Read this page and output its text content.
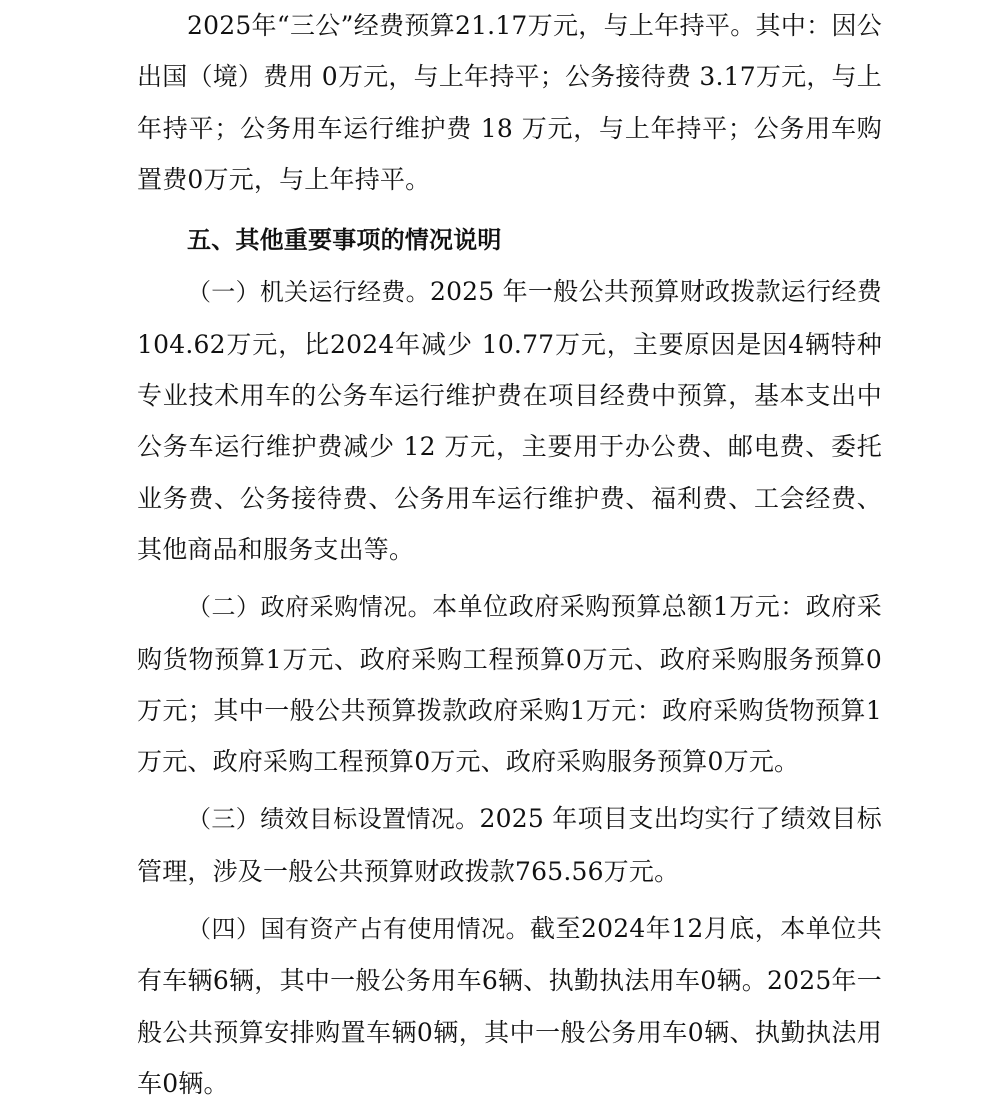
2025年“三公”经费预算21.17万元，与上年持平。其中：因公出国（境）费用 0万元，与上年持平；公务接待费 3.17万元，与上年持平；公务用车运行维护费 18 万元，与上年持平；公务用车购置费0万元，与上年持平。

五、其他重要事项的情况说明

（一）机关运行经费。2025 年一般公共预算财政拨款运行经费 104.62万元，比2024年减少 10.77万元，主要原因是因4辆特种专业技术用车的公务车运行维护费在项目经费中预算，基本支出中公务车运行维护费减少 12 万元，主要用于办公费、邮电费、委托业务费、公务接待费、公务用车运行维护费、福利费、工会经费、其他商品和服务支出等。

（二）政府采购情况。本单位政府采购预算总额1万元：政府采购货物预算1万元、政府采购工程预算0万元、政府采购服务预算0万元；其中一般公共预算拨款政府采购1万元：政府采购货物预算1万元、政府采购工程预算0万元、政府采购服务预算0万元。

（三）绩效目标设置情况。2025 年项目支出均实行了绩效目标管理，涉及一般公共预算财政拨款765.56万元。

（四）国有资产占有使用情况。截至2024年12月底，本单位共有车辆6辆，其中一般公务用车6辆、执勤执法用车0辆。2025年一般公共预算安排购置车辆0辆，其中一般公务用车0辆、执勤执法用车0辆。
